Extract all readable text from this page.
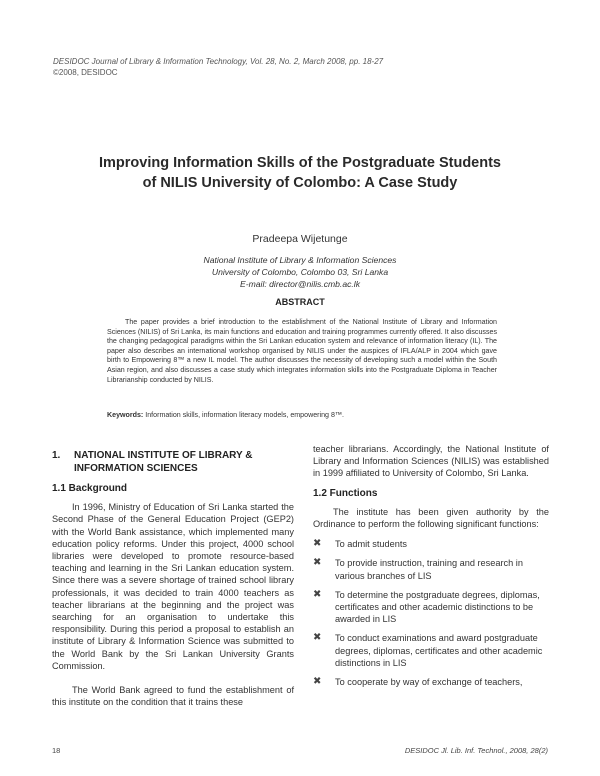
DESIDOC Journal of Library & Information Technology, Vol. 28, No. 2, March 2008, pp. 18-27
©2008, DESIDOC
Improving Information Skills of the Postgraduate Students
of NILIS University of Colombo: A Case Study
Pradeepa Wijetunge
National Institute of Library & Information Sciences
University of Colombo, Colombo 03, Sri Lanka
E-mail: director@nilis.cmb.ac.lk
ABSTRACT
The paper provides a brief introduction to the establishment of the National Institute of Library and Information Sciences (NILIS) of Sri Lanka, its main functions and education and training programmes currently offered. It also discusses the changing pedagogical paradigms within the Sri Lankan education system and relevance of information literacy (IL). The paper also describes an international workshop organised by NILIS under the auspices of IFLA/ALP in 2004 which gave birth to Empowering 8™ a new IL model. The author discusses the necessity of developing such a model within the South Asian region, and also discusses a case study which integrates information skills into the Postgraduate Diploma in Teacher Librarianship conducted by NILIS.
Keywords: Information skills, information literacy models, empowering 8™.
1.	NATIONAL INSTITUTE OF LIBRARY & INFORMATION SCIENCES
1.1 Background

In 1996, Ministry of Education of Sri Lanka started the Second Phase of the General Education Project (GEP2) with the World Bank assistance, which implemented many education policy reforms. Under this project, 4000 school libraries were developed to promote resource-based teaching and learning in the Sri Lankan education system. Since there was a severe shortage of trained school library professionals, it was decided to train 4000 teachers as teacher librarians at the beginning and the project was searching for an organisation to undertake this responsibility. During this period a proposal to establish an institute of Library & Information Science was submitted to the World Bank by the Sri Lankan University Grants Commission.

The World Bank agreed to fund the establishment of this institute on the condition that it trains these

teacher librarians. Accordingly, the National Institute of Library and Information Sciences (NILIS) was established in 1999 affiliated to University of Colombo, Sri Lanka.

1.2 Functions

The institute has been given authority by the Ordinance to perform the following significant functions:

✖	To admit students
✖	To provide instruction, training and research in various branches of LIS
✖	To determine the postgraduate degrees, diplomas, certificates and other academic distinctions to be awarded in LIS
✖	To conduct examinations and award postgraduate degrees, diplomas, certificates and other academic distinctions in LIS
✖	To cooperate by way of exchange of teachers,
18	DESIDOC Jl. Lib. Inf. Technol., 2008, 28(2)
